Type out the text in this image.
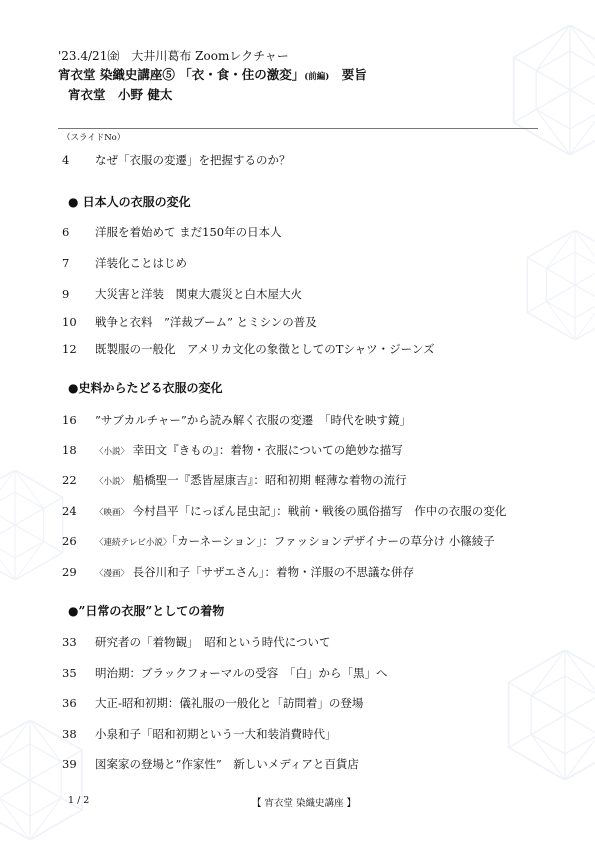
'23.4/21㈮ 大井川葛布 Zoomレクチャー
宵衣堂 染織史講座⑤ 「衣・食・住の激変」(前編)　 要旨
宵衣堂　小野 健太
（スライドNo）
4 なぜ「衣服の変遷」を把握するのか？
● 日本人の衣服の変化
6 洋服を着始めて まだ150年の日本人
7 洋装化ことはじめ
9 大災害と洋装　関東大震災と白木屋大火
10 戦争と衣料　”洋裁ブーム” とミシンの普及
12 既製服の一般化　アメリカ文化の象徴としてのTシャツ・ジーンズ
●史料からたどる衣服の変化
16 ”サブカルチャー”から読み解く衣服の変遷　「時代を映す鏡」
18 〈小説〉 幸田文『きもの』：着物・衣服についての絶妙な描写
22 〈小説〉 船橋聖一『悉皆屋康吉』：昭和初期 軽薄な着物の流行
24 〈映画〉 今村昌平「にっぽん昆虫記」：戦前・戦後の風俗描写　作中の衣服の変化
26 〈連続テレビ小説〉「カーネーション」：ファッションデザイナーの草分け 小篠綾子
29 〈漫画〉 長谷川和子「サザエさん」：着物・洋服の不思議な併存
●”日常の衣服”としての着物
33 研究者の「着物観」　昭和という時代について
35 明治期：ブラックフォーマルの受容　「白」から「黒」へ
36 大正-昭和初期：儀礼服の一般化と「訪問着」の登場
38 小泉和子「昭和初期という一大和装消費時代」
39 図案家の登場と”作家性”　新しいメディアと百貨店
1 / 2	【 宵衣堂 染織史講座 】
